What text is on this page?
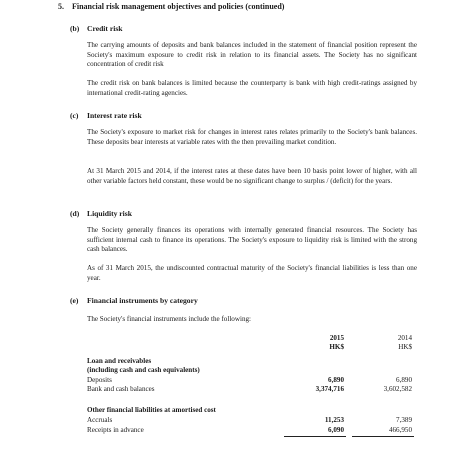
5. Financial risk management objectives and policies (continued)
(b) Credit risk
The carrying amounts of deposits and bank balances included in the statement of financial position represent the Society's maximum exposure to credit risk in relation to its financial assets. The Society has no significant concentration of credit risk
The credit risk on bank balances is limited because the counterparty is bank with high credit-ratings assigned by international credit-rating agencies.
(c) Interest rate risk
The Society's exposure to market risk for changes in interest rates relates primarily to the Society's bank balances. These deposits bear interests at variable rates with the then prevailing market condition.
At 31 March 2015 and 2014, if the interest rates at these dates have been 10 basis point lower of higher, with all other variable factors held constant, these would be no significant change to surplus / (deficit) for the years.
(d) Liquidity risk
The Society generally finances its operations with internally generated financial resources. The Society has sufficient internal cash to finance its operations. The Society's exposure to liquidity risk is limited with the strong cash balances.
As of 31 March 2015, the undiscounted contractual maturity of the Society's financial liabilities is less than one year.
(e) Financial instruments by category
The Society's financial instruments include the following:
2015
HK$
2014
HK$
Loan and receivables
(including cash and cash equivalents)
Deposits	6,890	6,890
Bank and cash balances	3,374,716	3,602,582
Other financial liabilities at amortised cost
Accruals	11,253	7,389
Receipts in advance	6,090	466,950
